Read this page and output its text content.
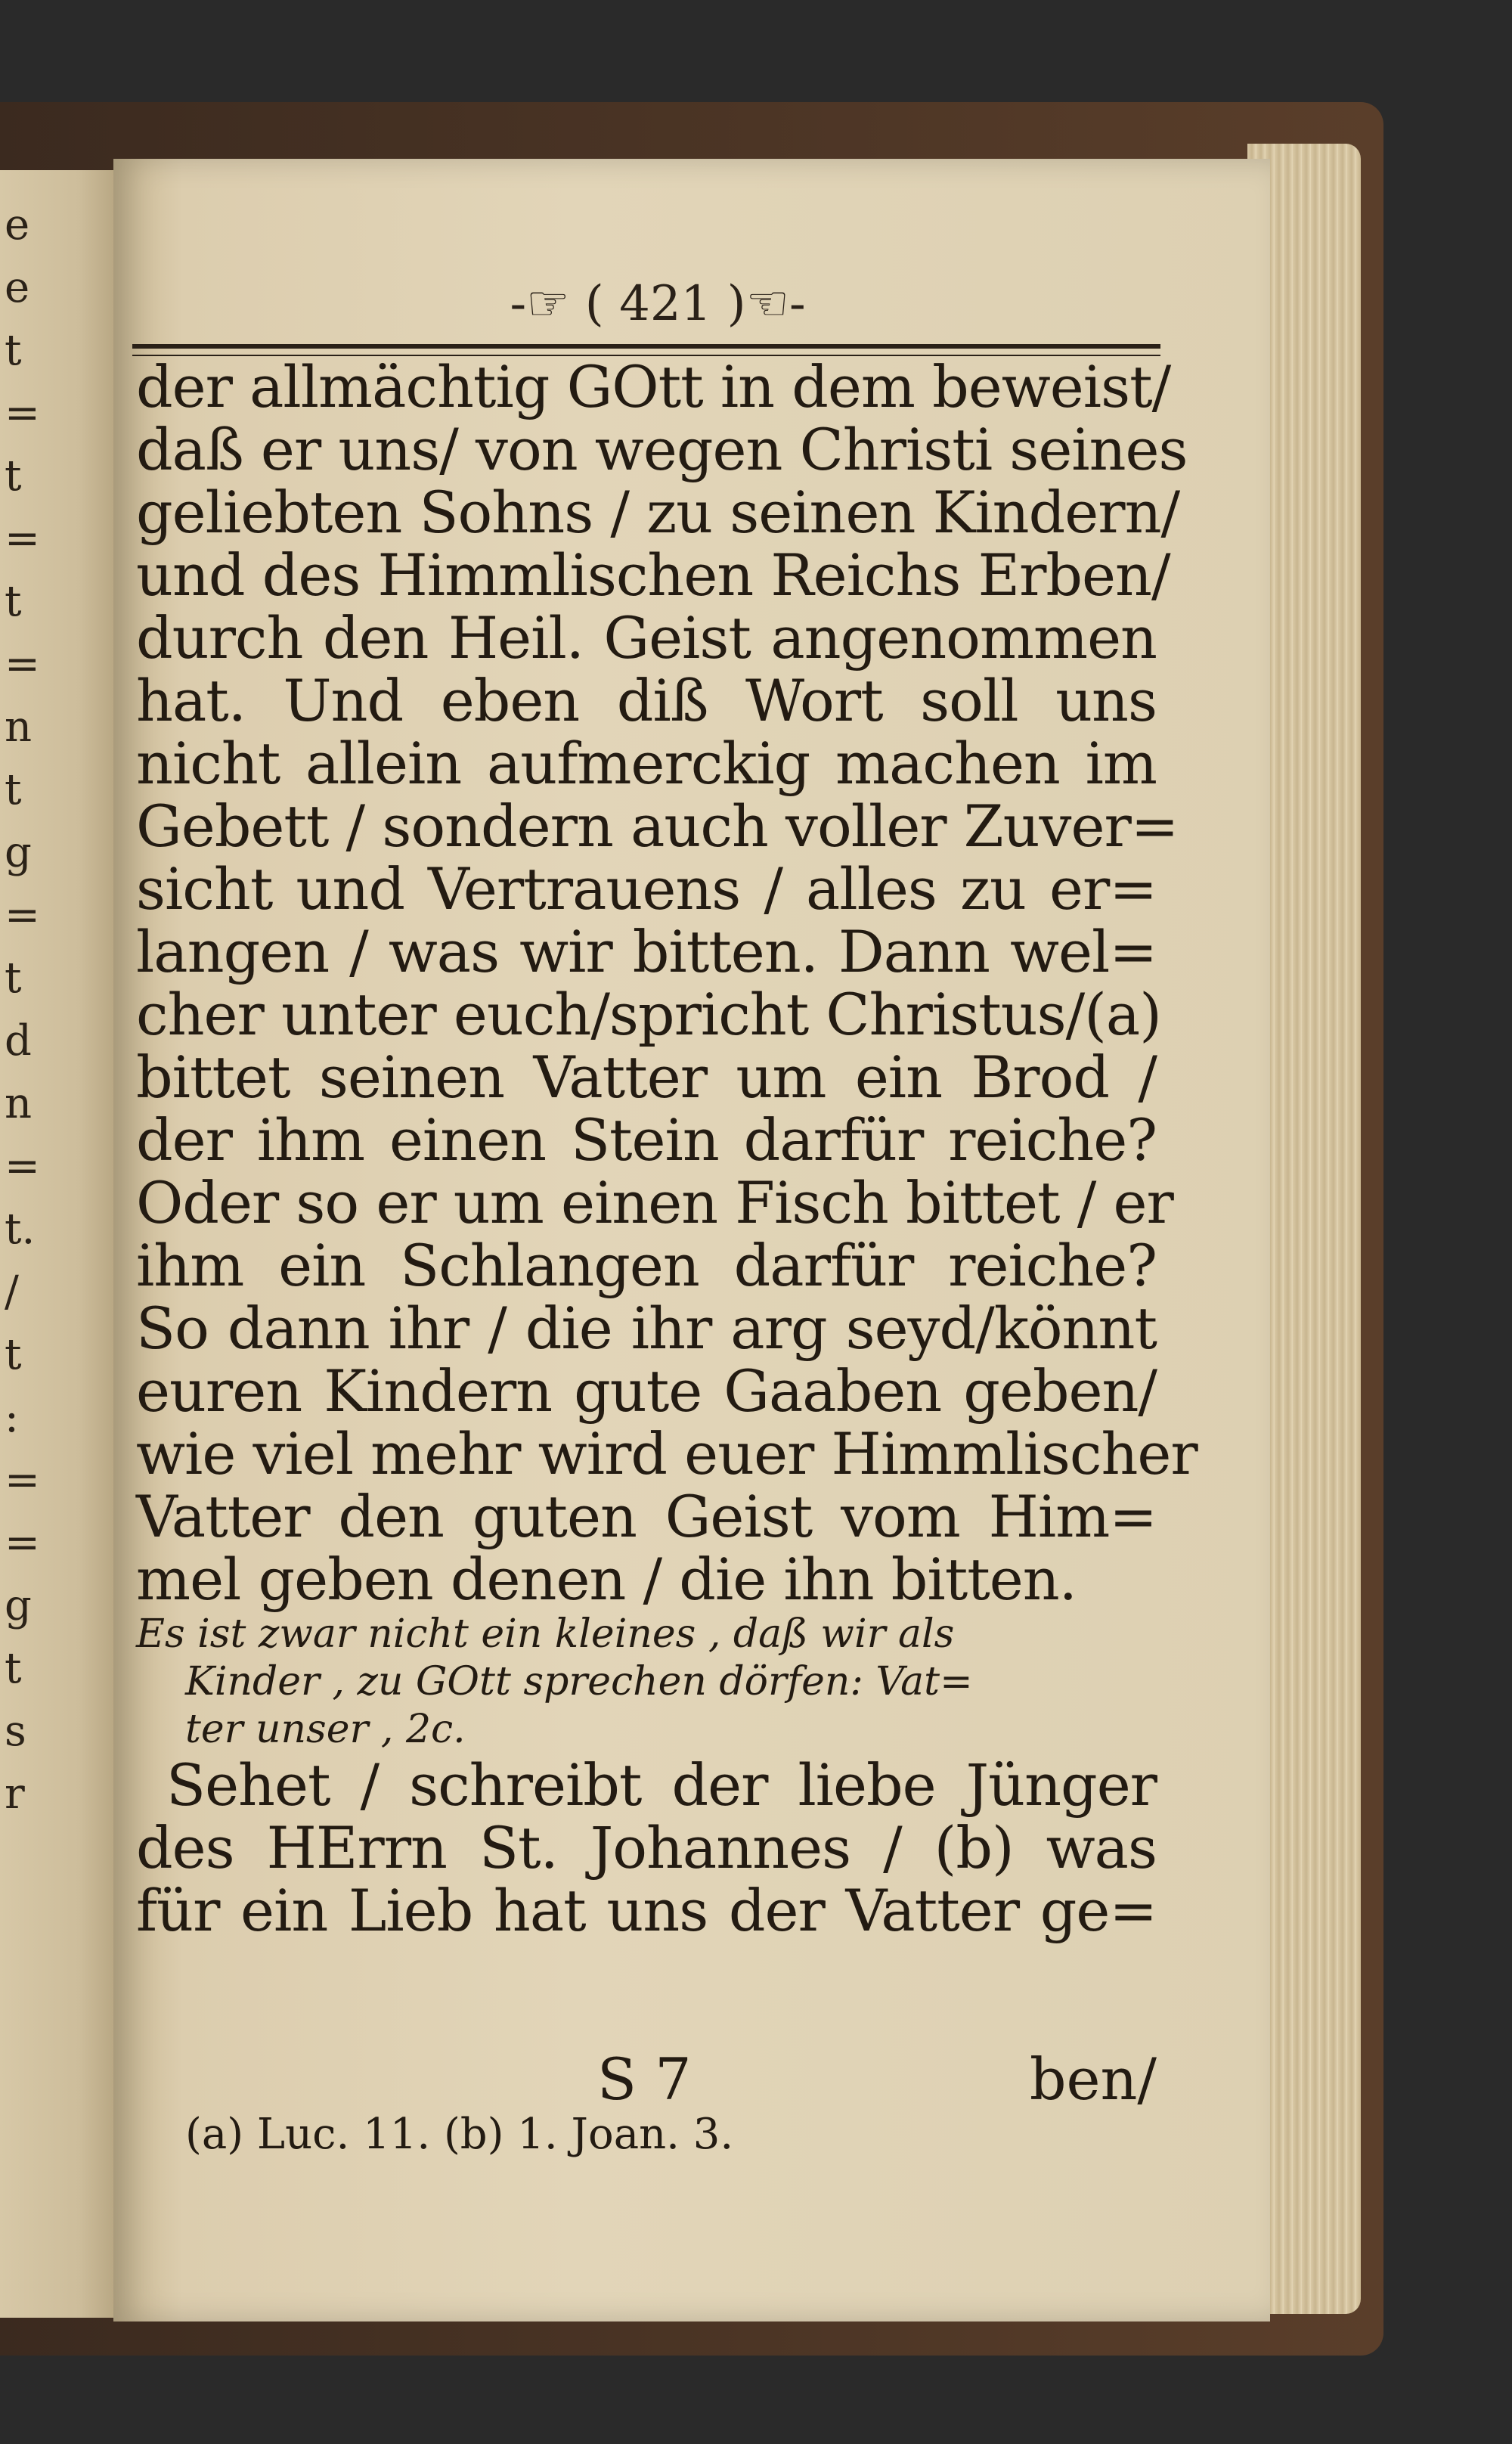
e
e
t
=
t
=
t
=
n
t
g
=
t
d
n
=
t.
/
t
:
=
=
g
t
s
r
-☞ ( 421 )☜-
der allmächtig GOtt in dem beweist/
daß er uns/ von wegen Christi seines
geliebten Sohns / zu seinen Kindern/
und des Himmlischen Reichs Erben/
durch den Heil. Geist angenommen
hat. Und eben diß Wort soll uns
nicht allein aufmerckig machen im
Gebett / sondern auch voller Zuver=
sicht und Vertrauens / alles zu er=
langen / was wir bitten. Dann wel=
cher unter euch/spricht Christus/(a)
bittet seinen Vatter um ein Brod /
der ihm einen Stein darfür reiche?
Oder so er um einen Fisch bittet / er
ihm ein Schlangen darfür reiche?
So dann ihr / die ihr arg seyd/könnt
euren Kindern gute Gaaben geben/
wie viel mehr wird euer Himmlischer
Vatter den guten Geist vom Him=
mel geben denen / die ihn bitten.
Es ist zwar nicht ein kleines , daß wir als
Kinder , zu GOtt sprechen dörfen: Vat=
ter unser , 2c.
Sehet / schreibt der liebe Jünger
des HErrn St. Johannes / (b) was
für ein Lieb hat uns der Vatter ge=
S 7	ben/
(a) Luc. 11. (b) 1. Joan. 3.
